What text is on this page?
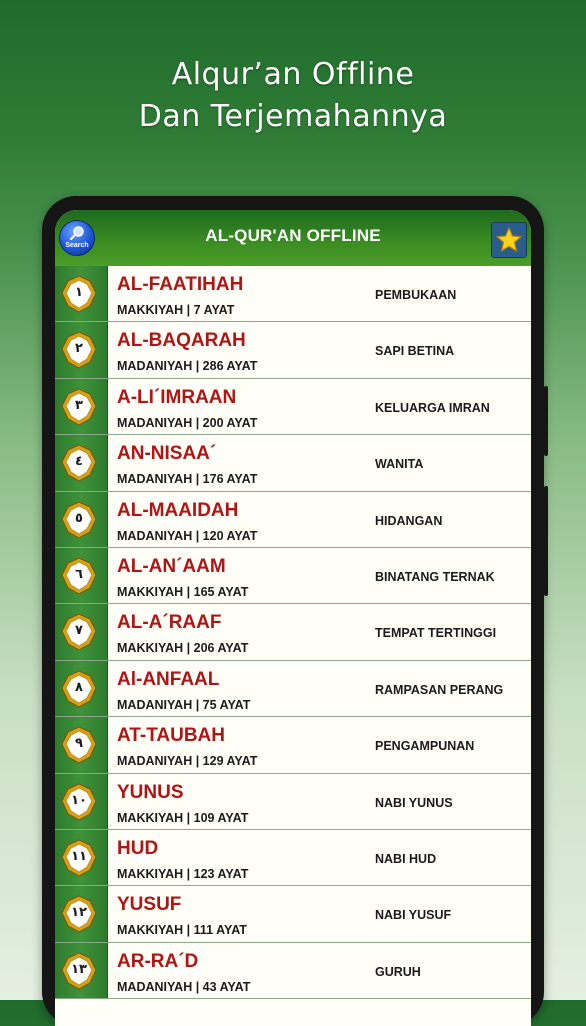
Alqur’an Offline
Dan Terjemahannya
Search
AL-QUR'AN OFFLINE
١	AL-FAATIHAH
MAKKIYAH | 7 AYAT
PEMBUKAAN
٢	AL-BAQARAH
MADANIYAH | 286 AYAT
SAPI BETINA
٣	A-LI´IMRAAN
MADANIYAH | 200 AYAT
KELUARGA IMRAN
٤	AN-NISAA´
MADANIYAH | 176 AYAT
WANITA
٥	AL-MAAIDAH
MADANIYAH | 120 AYAT
HIDANGAN
٦	AL-AN´AAM
MAKKIYAH | 165 AYAT
BINATANG TERNAK
٧	AL-A´RAAF
MAKKIYAH | 206 AYAT
TEMPAT TERTINGGI
٨	Al-ANFAAL
MADANIYAH | 75 AYAT
RAMPASAN PERANG
٩	AT-TAUBAH
MADANIYAH | 129 AYAT
PENGAMPUNAN
١٠	YUNUS
MAKKIYAH | 109 AYAT
NABI YUNUS
١١	HUD
MAKKIYAH | 123 AYAT
NABI HUD
١٢	YUSUF
MAKKIYAH | 111 AYAT
NABI YUSUF
١٣	AR-RA´D
MADANIYAH | 43 AYAT
GURUH
